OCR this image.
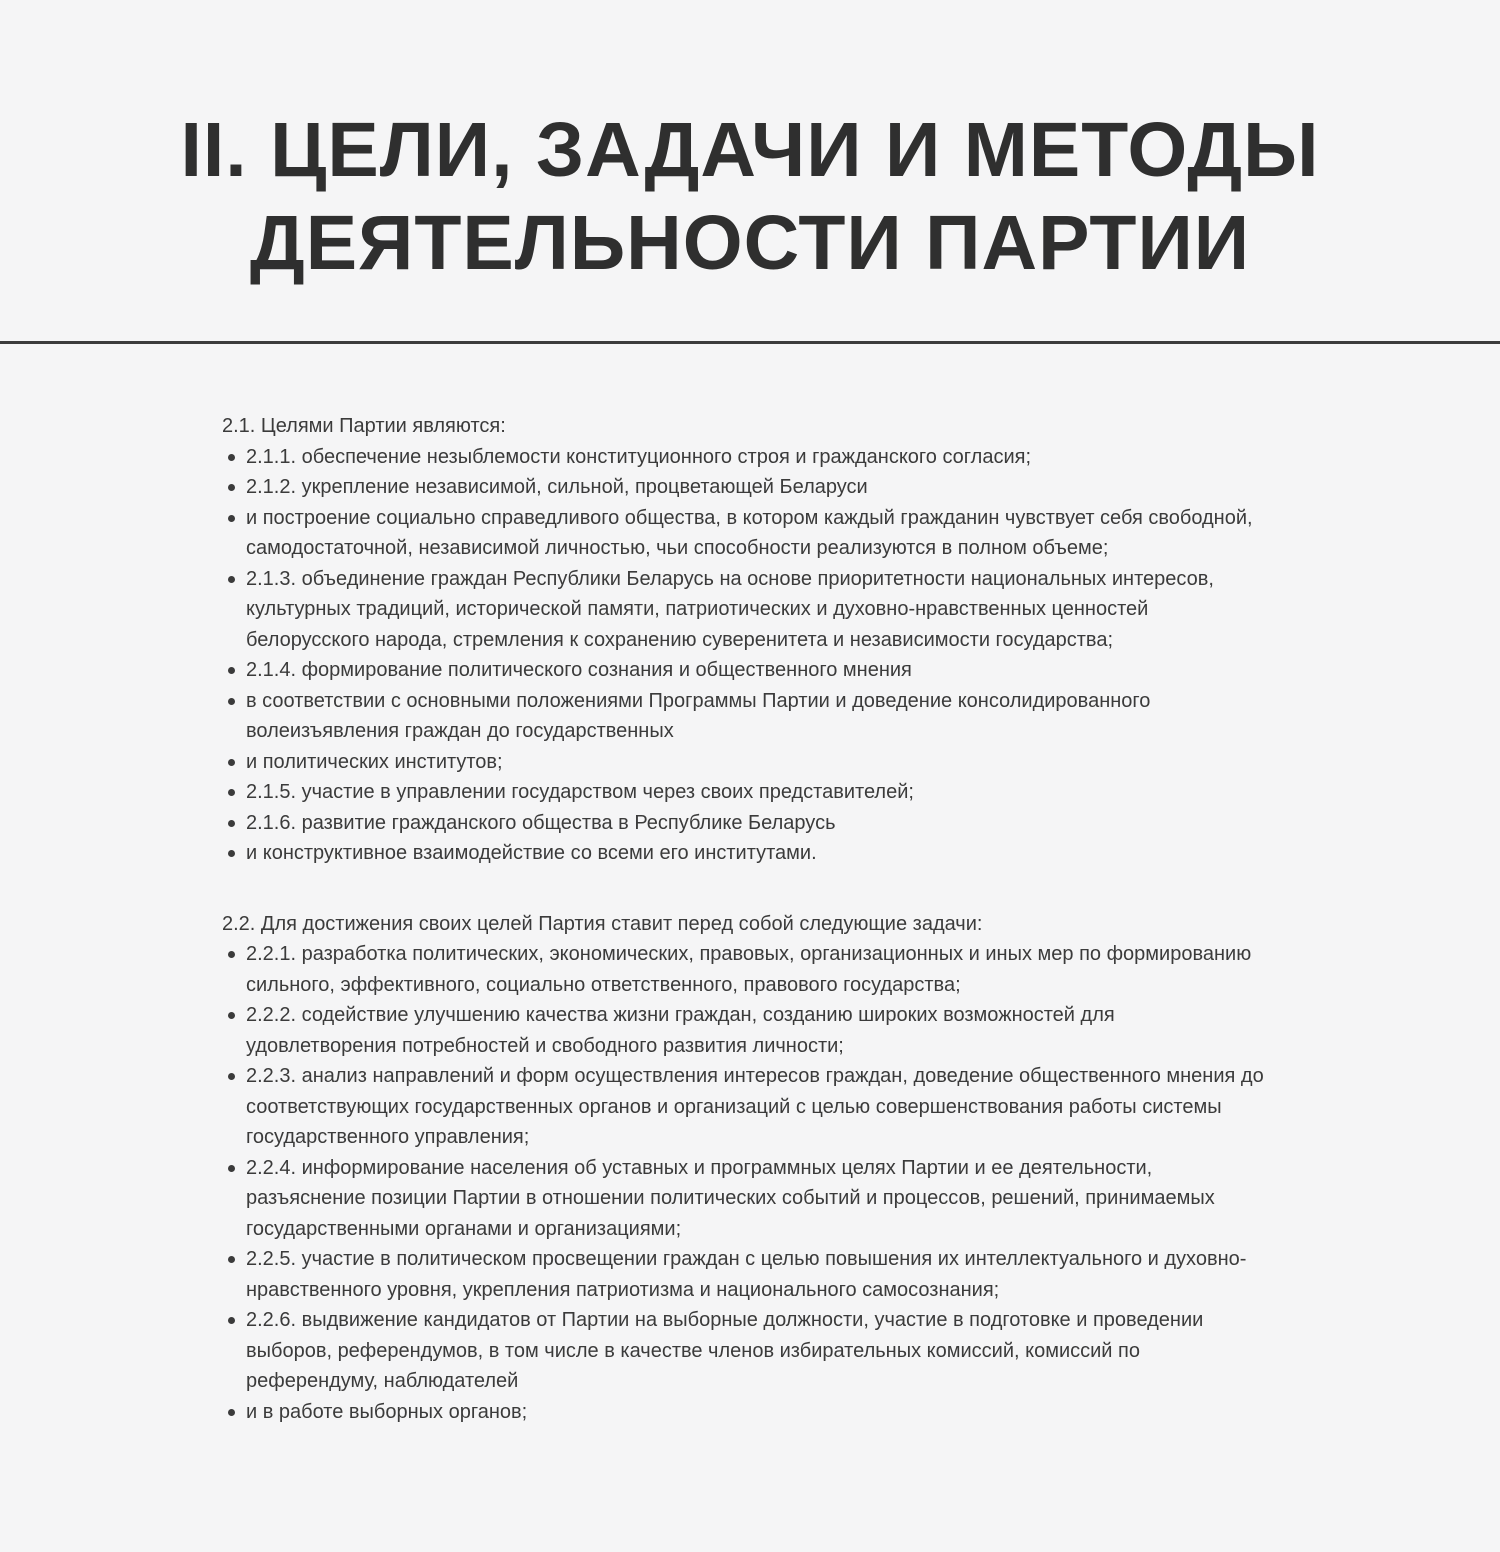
II. ЦЕЛИ, ЗАДАЧИ И МЕТОДЫ
ДЕЯТЕЛЬНОСТИ ПАРТИИ

2.1. Целями Партии являются:

2.1.1. обеспечение незыблемости конституционного строя и гражданского согласия;
2.1.2. укрепление независимой, сильной, процветающей Беларуси
и построение социально справедливого общества, в котором каждый гражданин чувствует себя свободной, самодостаточной, независимой личностью, чьи способности реализуются в полном объеме;
2.1.3. объединение граждан Республики Беларусь на основе приоритетности национальных интересов, культурных традиций, исторической памяти, патриотических и духовно-нравственных ценностей белорусского народа, стремления к сохранению суверенитета и независимости государства;
2.1.4. формирование политического сознания и общественного мнения
в соответствии с основными положениями Программы Партии и доведение консолидированного волеизъявления граждан до государственных
и политических институтов;
2.1.5. участие в управлении государством через своих представителей;
2.1.6. развитие гражданского общества в Республике Беларусь
и конструктивное взаимодействие со всеми его институтами.

2.2. Для достижения своих целей Партия ставит перед собой следующие задачи:

2.2.1. разработка политических, экономических, правовых, организационных и иных мер по формированию сильного, эффективного, социально ответственного, правового государства;
2.2.2. содействие улучшению качества жизни граждан, созданию широких возможностей для удовлетворения потребностей и свободного развития личности;
2.2.3. анализ направлений и форм осуществления интересов граждан, доведение общественного мнения до соответствующих государственных органов и организаций с целью совершенствования работы системы государственного управления;
2.2.4. информирование населения об уставных и программных целях Партии и ее деятельности, разъяснение позиции Партии в отношении политических событий и процессов, решений, принимаемых государственными органами и организациями;
2.2.5. участие в политическом просвещении граждан с целью повышения их интеллектуального и духовно-нравственного уровня, укрепления патриотизма и национального самосознания;
2.2.6. выдвижение кандидатов от Партии на выборные должности, участие в подготовке и проведении выборов, референдумов, в том числе в качестве членов избирательных комиссий, комиссий по референдуму, наблюдателей
и в работе выборных органов;
